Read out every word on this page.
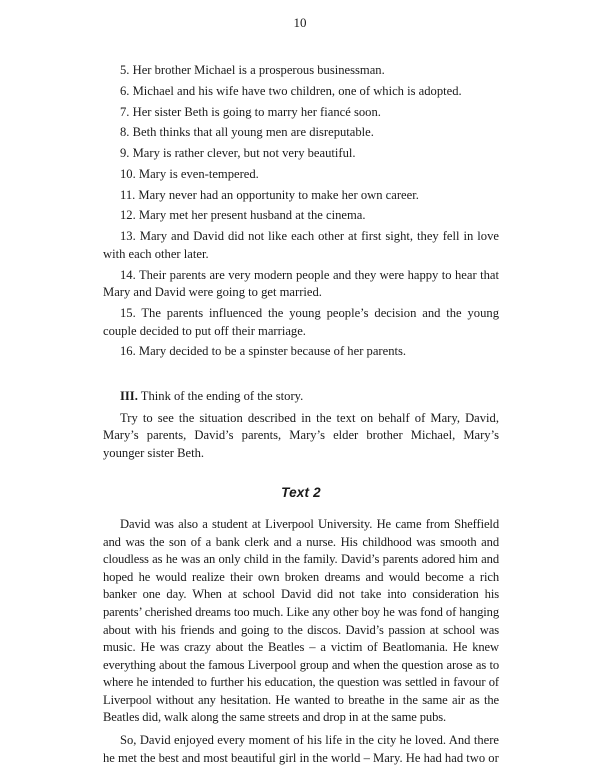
10

5. Her brother Michael is a prosperous businessman.

6. Michael and his wife have two children, one of which is adopted.

7. Her sister Beth is going to marry her fiancé soon.

8. Beth thinks that all young men are disreputable.

9. Mary is rather clever, but not very beautiful.

10. Mary is even-tempered.

11. Mary never had an opportunity to make her own career.

12. Mary met her present husband at the cinema.

13. Mary and David did not like each other at first sight, they fell in love with each other later.

14. Their parents are very modern people and they were happy to hear that Mary and David were going to get married.

15. The parents influenced the young people’s decision and the young couple decided to put off their marriage.

16. Mary decided to be a spinster because of her parents.

III. Think of the ending of the story.

Try to see the situation described in the text on behalf of Mary, David, Mary’s parents, David’s parents, Mary’s elder brother Michael, Mary’s younger sister Beth.

Text 2

David was also a student at Liverpool University. He came from Sheffield and was the son of a bank clerk and a nurse. His childhood was smooth and cloudless as he was an only child in the family. David’s parents adored him and hoped he would realize their own broken dreams and would become a rich banker one day. When at school David did not take into consideration his parents’ cherished dreams too much. Like any other boy he was fond of hanging about with his friends and going to the discos. David’s passion at school was music. He was crazy about the Beatles – a victim of Beatlomania. He knew everything about the famous Liverpool group and when the question arose as to where he intended to further his education, the question was settled in favour of Liverpool without any hesitation. He wanted to breathe in the same air as the Beatles did, walk along the same streets and drop in at the same pubs.

So, David enjoyed every moment of his life in the city he loved. And there he met the best and most beautiful girl in the world – Mary. He had had two or
